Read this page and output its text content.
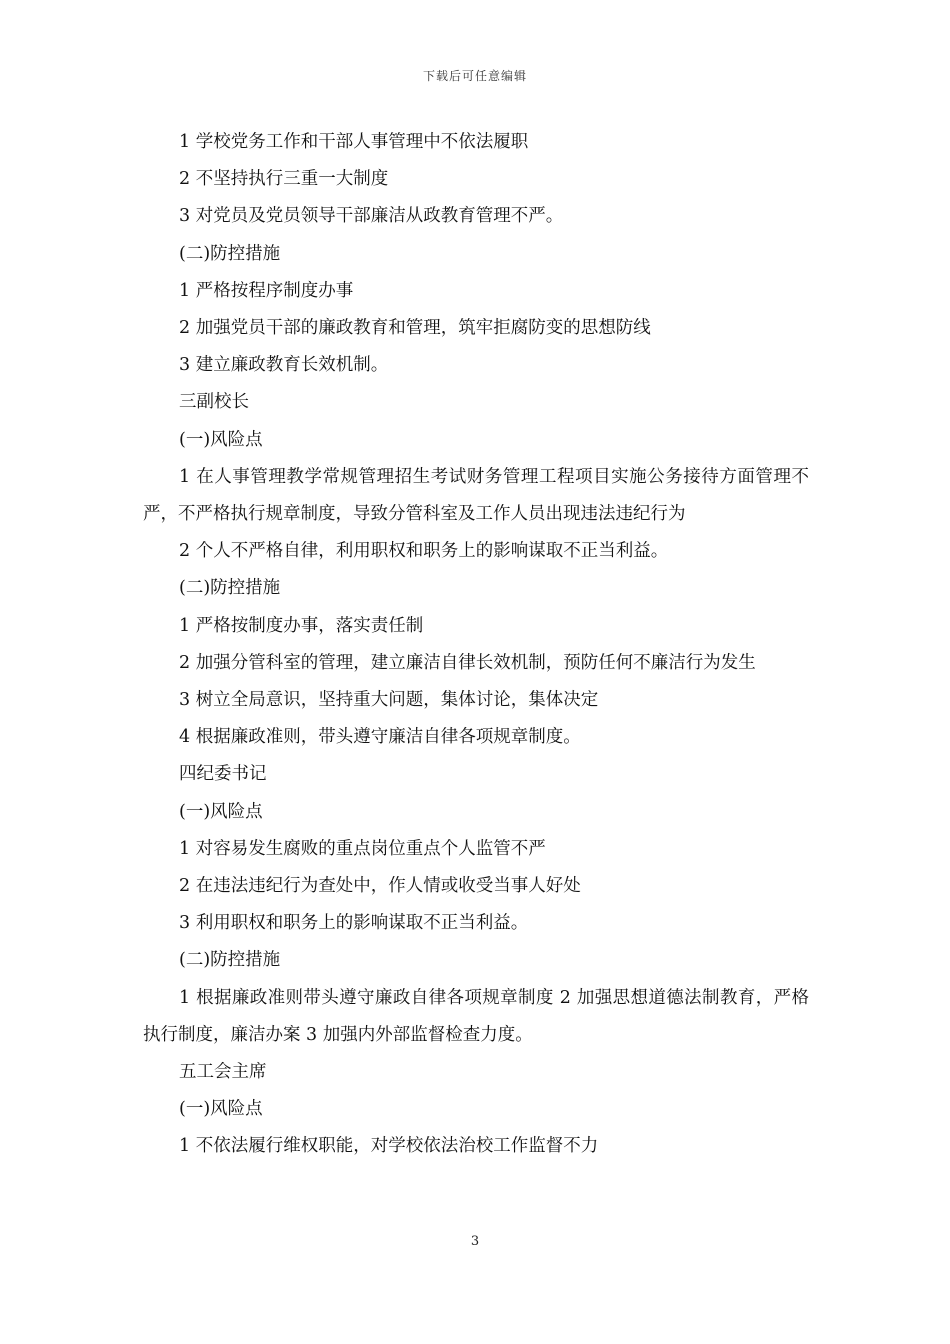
下载后可任意编辑

1 学校党务工作和干部人事管理中不依法履职

2 不坚持执行三重一大制度

3 对党员及党员领导干部廉洁从政教育管理不严。

(二)防控措施

1 严格按程序制度办事

2 加强党员干部的廉政教育和管理，筑牢拒腐防变的思想防线

3 建立廉政教育长效机制。

三副校长

(一)风险点

1 在人事管理教学常规管理招生考试财务管理工程项目实施公务接待方面管理不严，不严格执行规章制度，导致分管科室及工作人员出现违法违纪行为

2 个人不严格自律，利用职权和职务上的影响谋取不正当利益。

(二)防控措施

1 严格按制度办事，落实责任制

2 加强分管科室的管理，建立廉洁自律长效机制，预防任何不廉洁行为发生

3 树立全局意识，坚持重大问题，集体讨论，集体决定

4 根据廉政准则，带头遵守廉洁自律各项规章制度。

四纪委书记

(一)风险点

1 对容易发生腐败的重点岗位重点个人监管不严

2 在违法违纪行为查处中，作人情或收受当事人好处

3 利用职权和职务上的影响谋取不正当利益。

(二)防控措施

1 根据廉政准则带头遵守廉政自律各项规章制度 2 加强思想道德法制教育，严格执行制度，廉洁办案 3 加强内外部监督检查力度。

五工会主席

(一)风险点

1 不依法履行维权职能，对学校依法治校工作监督不力

3
